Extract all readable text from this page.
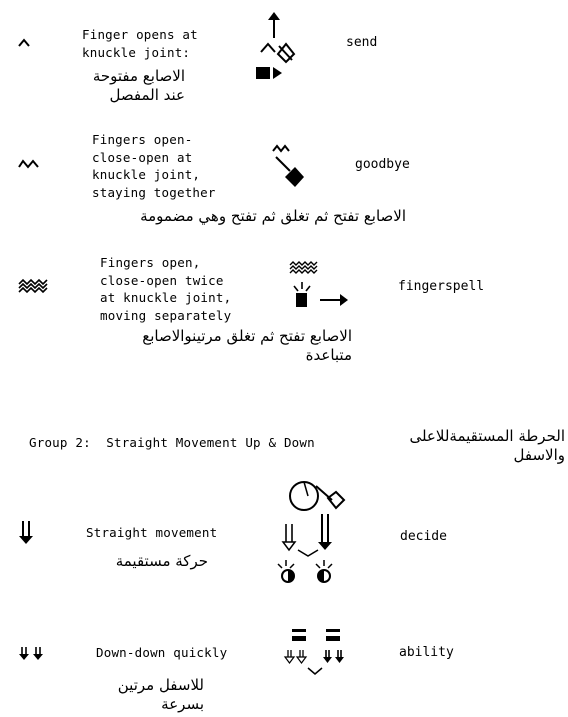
Finger opens at
knuckle joint:
الاصابع مفتوحة
عند المفصل
send
Fingers open-
close-open at
knuckle joint,
staying together
الاصابع تفتح ثم تغلق ثم تفتح وهي مضمومة
goodbye
Fingers open,
close-open twice
at knuckle joint,
moving separately
الاصابع تفتح ثم تغلق مرتينوالاصابع
متباعدة
fingerspell
Group 2:  Straight Movement Up & Down	الحرطة المستقيمةللاعلى
والاسفل
Straight movement
حركة مستقيمة
decide
Down-down quickly
للاسفل مرتين
بسرعة
ability
